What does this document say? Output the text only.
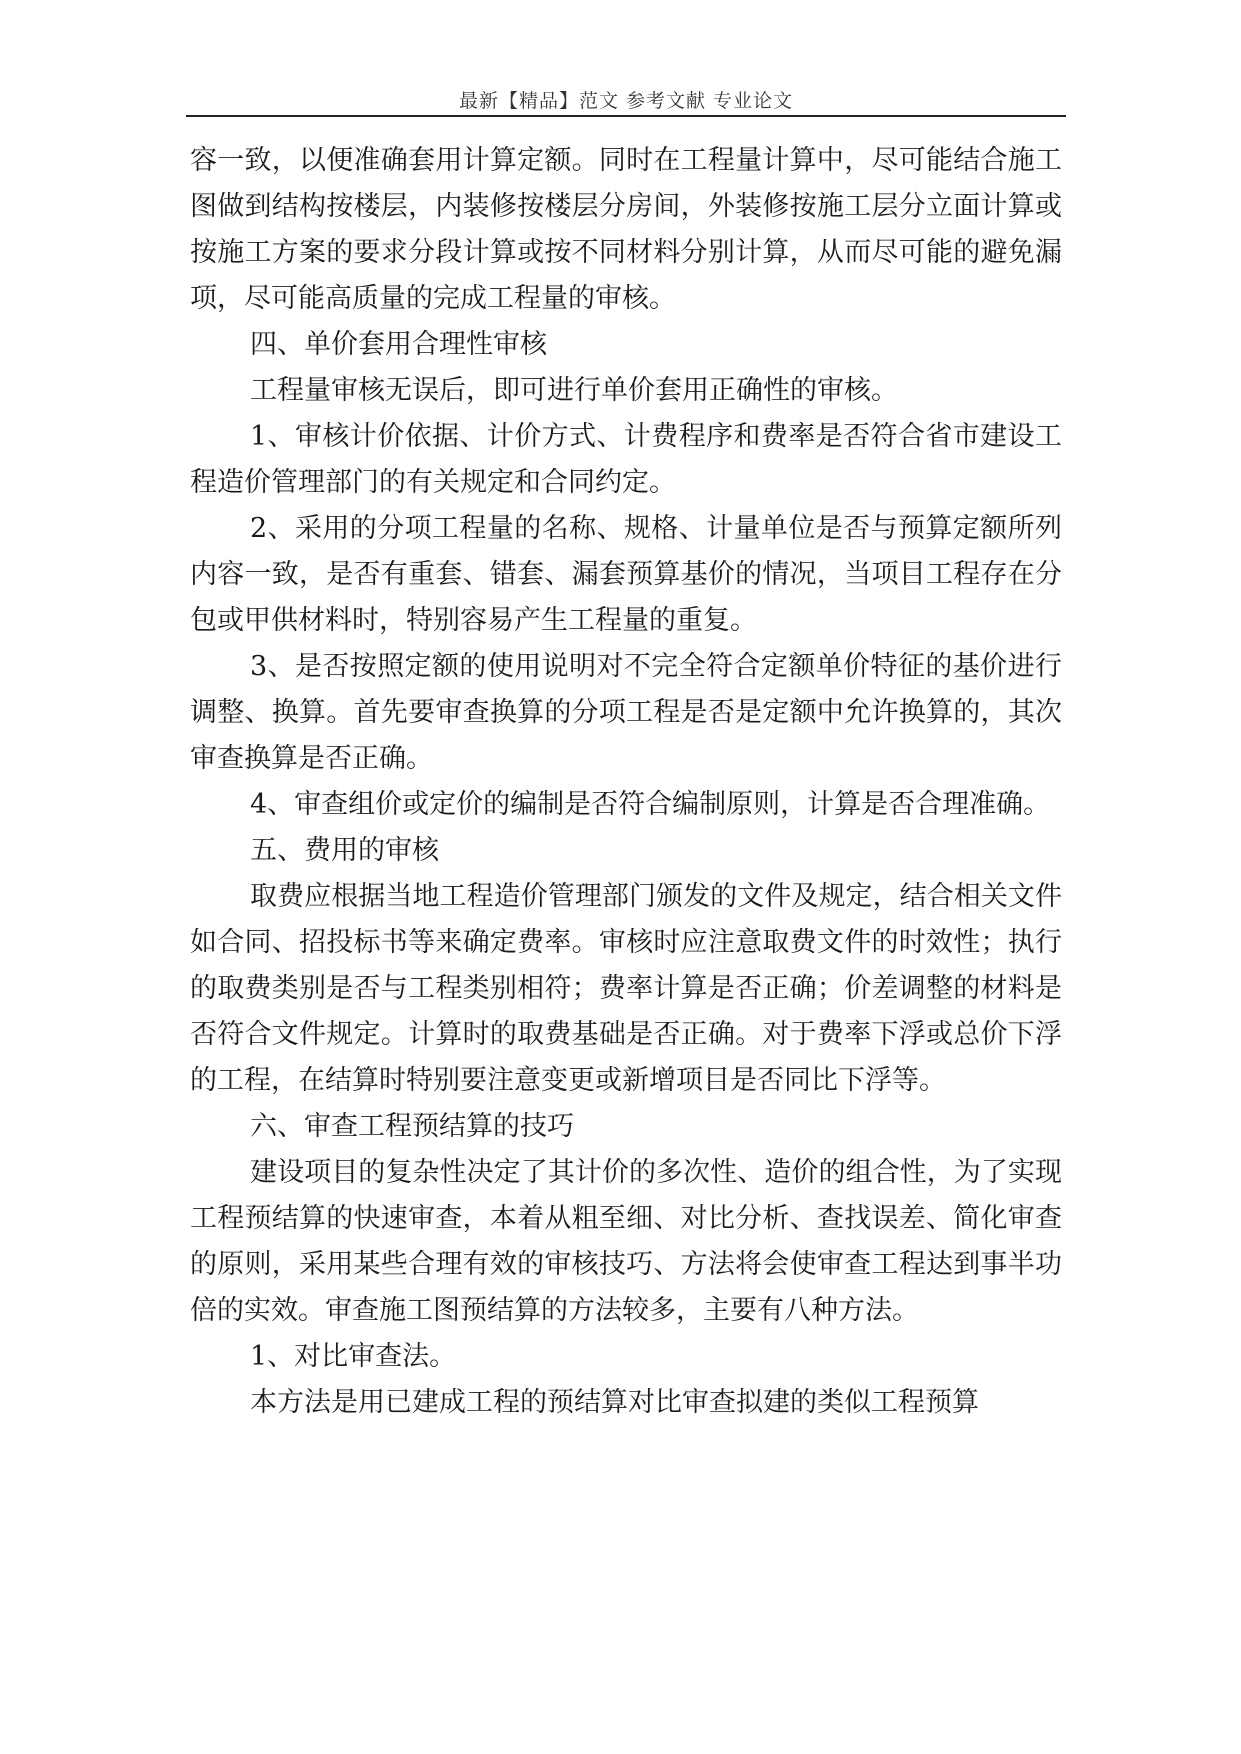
最新【精品】范文 参考文献 专业论文

容一致，以便准确套用计算定额。同时在工程量计算中，尽可能结合施工图做到结构按楼层，内装修按楼层分房间，外装修按施工层分立面计算或按施工方案的要求分段计算或按不同材料分别计算，从而尽可能的避免漏项，尽可能高质量的完成工程量的审核。

四、单价套用合理性审核

工程量审核无误后，即可进行单价套用正确性的审核。

1、审核计价依据、计价方式、计费程序和费率是否符合省市建设工程造价管理部门的有关规定和合同约定。

2、采用的分项工程量的名称、规格、计量单位是否与预算定额所列内容一致，是否有重套、错套、漏套预算基价的情况，当项目工程存在分包或甲供材料时，特别容易产生工程量的重复。

3、是否按照定额的使用说明对不完全符合定额单价特征的基价进行调整、换算。首先要审查换算的分项工程是否是定额中允许换算的，其次审查换算是否正确。

4、审查组价或定价的编制是否符合编制原则，计算是否合理准确。

五、费用的审核

取费应根据当地工程造价管理部门颁发的文件及规定，结合相关文件如合同、招投标书等来确定费率。审核时应注意取费文件的时效性；执行的取费类别是否与工程类别相符；费率计算是否正确；价差调整的材料是否符合文件规定。计算时的取费基础是否正确。对于费率下浮或总价下浮的工程，在结算时特别要注意变更或新增项目是否同比下浮等。

六、审查工程预结算的技巧

建设项目的复杂性决定了其计价的多次性、造价的组合性，为了实现工程预结算的快速审查，本着从粗至细、对比分析、查找误差、简化审查的原则，采用某些合理有效的审核技巧、方法将会使审查工程达到事半功倍的实效。审查施工图预结算的方法较多，主要有八种方法。

1、对比审查法。

本方法是用已建成工程的预结算对比审查拟建的类似工程预算
